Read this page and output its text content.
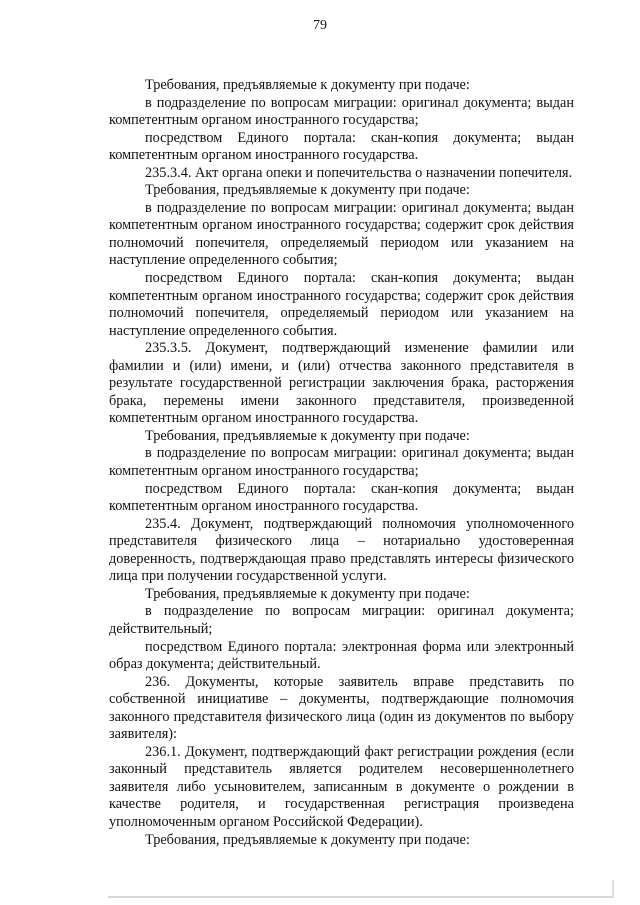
79

Требования, предъявляемые к документу при подаче:

в подразделение по вопросам миграции: оригинал документа; выдан компетентным органом иностранного государства;

посредством Единого портала: скан-копия документа; выдан компетентным органом иностранного государства.

235.3.4. Акт органа опеки и попечительства о назначении попечителя.

Требования, предъявляемые к документу при подаче:

в подразделение по вопросам миграции: оригинал документа; выдан компетентным органом иностранного государства; содержит срок действия полномочий попечителя, определяемый периодом или указанием на наступление определенного события;

посредством Единого портала: скан-копия документа; выдан компетентным органом иностранного государства; содержит срок действия полномочий попечителя, определяемый периодом или указанием на наступление определенного события.

235.3.5. Документ, подтверждающий изменение фамилии или фамилии и (или) имени, и (или) отчества законного представителя в результате государственной регистрации заключения брака, расторжения брака, перемены имени законного представителя, произведенной компетентным органом иностранного государства.

Требования, предъявляемые к документу при подаче:

в подразделение по вопросам миграции: оригинал документа; выдан компетентным органом иностранного государства;

посредством Единого портала: скан-копия документа; выдан компетентным органом иностранного государства.

235.4. Документ, подтверждающий полномочия уполномоченного представителя физического лица – нотариально удостоверенная доверенность, подтверждающая право представлять интересы физического лица при получении государственной услуги.

Требования, предъявляемые к документу при подаче:

в подразделение по вопросам миграции: оригинал документа; действительный;

посредством Единого портала: электронная форма или электронный образ документа; действительный.

236. Документы, которые заявитель вправе представить по собственной инициативе – документы, подтверждающие полномочия законного представителя физического лица (один из документов по выбору заявителя):

236.1. Документ, подтверждающий факт регистрации рождения (если законный представитель является родителем несовершеннолетнего заявителя либо усыновителем, записанным в документе о рождении в качестве родителя, и государственная регистрация произведена уполномоченным органом Российской Федерации).

Требования, предъявляемые к документу при подаче:
